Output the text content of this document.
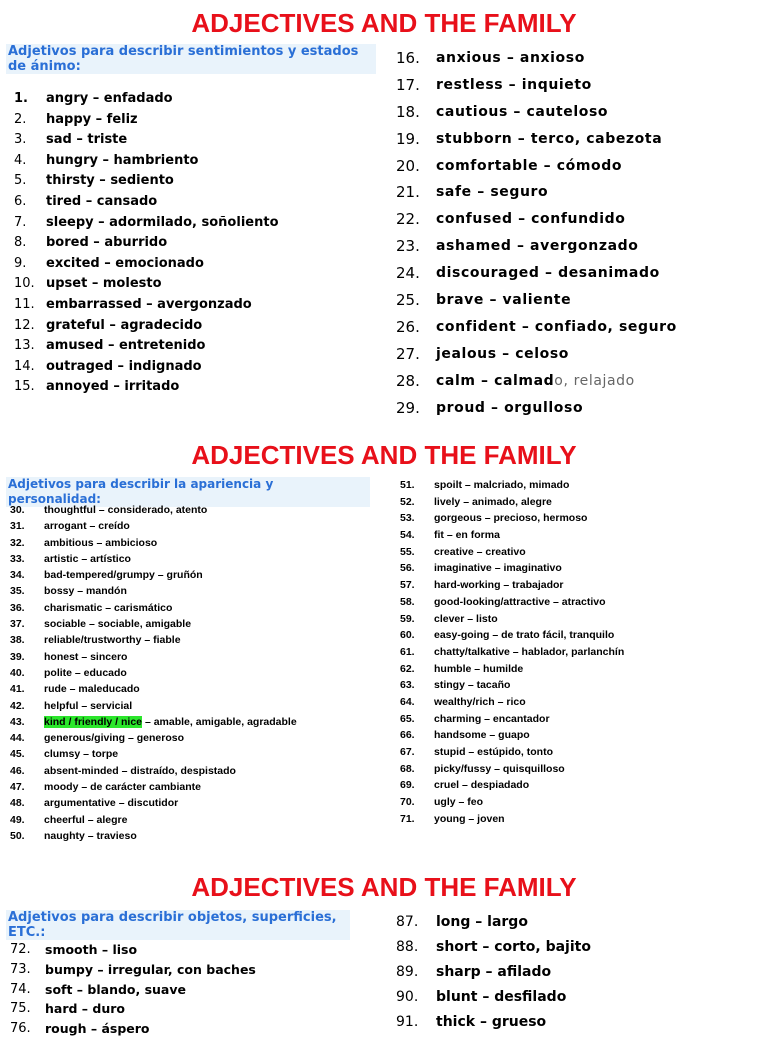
ADJECTIVES AND THE FAMILY
Adjetivos para describir sentimientos y estados de ánimo:
1. angry – enfadado
2. happy – feliz
3. sad – triste
4. hungry – hambriento
5. thirsty – sediento
6. tired – cansado
7. sleepy – adormilado, soñoliento
8. bored – aburrido
9. excited – emocionado
10. upset – molesto
11. embarrassed – avergonzado
12. grateful – agradecido
13. amused – entretenido
14. outraged – indignado
15. annoyed – irritado
16. anxious – anxioso
17. restless – inquieto
18. cautious – cauteloso
19. stubborn – terco, cabezota
20. comfortable – cómodo
21. safe – seguro
22. confused – confundido
23. ashamed – avergonzado
24. discouraged – desanimado
25. brave – valiente
26. confident – confiado, seguro
27. jealous – celoso
28. calm – calmado, relajado
29. proud – orgulloso
ADJECTIVES AND THE FAMILY
Adjetivos para describir la apariencia y personalidad:
30. thoughtful – considerado, atento
31. arrogant – creído
32. ambitious – ambicioso
33. artistic – artístico
34. bad-tempered/grumpy – gruñón
35. bossy – mandón
36. charismatic – carismático
37. sociable – sociable, amigable
38. reliable/trustworthy – fiable
39. honest – sincero
40. polite – educado
41. rude – maleducado
42. helpful – servicial
43. kind / friendly / nice – amable, amigable, agradable
44. generous/giving – generoso
45. clumsy – torpe
46. absent-minded – distraído, despistado
47. moody – de carácter cambiante
48. argumentative – discutidor
49. cheerful – alegre
50. naughty – travieso
51. spoilt – malcriado, mimado
52. lively – animado, alegre
53. gorgeous – precioso, hermoso
54. fit – en forma
55. creative – creativo
56. imaginative – imaginativo
57. hard-working – trabajador
58. good-looking/attractive – atractivo
59. clever – listo
60. easy-going – de trato fácil, tranquilo
61. chatty/talkative – hablador, parlanchín
62. humble – humilde
63. stingy – tacaño
64. wealthy/rich – rico
65. charming – encantador
66. handsome – guapo
67. stupid – estúpido, tonto
68. picky/fussy – quisquilloso
69. cruel – despiadado
70. ugly – feo
71. young – joven
ADJECTIVES AND THE FAMILY
Adjetivos para describir objetos, superficies, ETC.:
72. smooth – liso
73. bumpy – irregular, con baches
74. soft – blando, suave
75. hard – duro
76. rough – áspero
87. long – largo
88. short – corto, bajito
89. sharp – afilado
90. blunt – desfilado
91. thick – grueso
